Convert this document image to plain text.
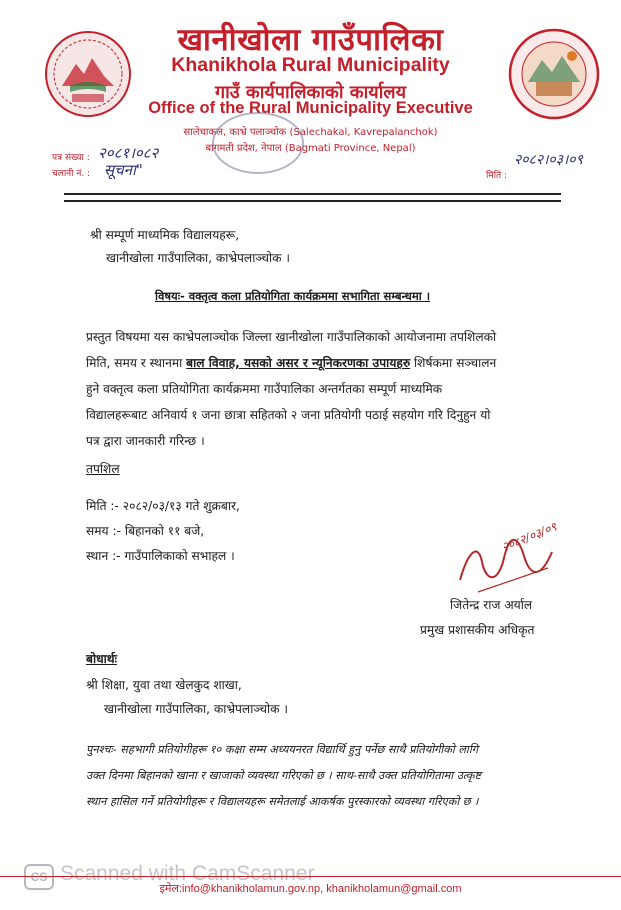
खानीखोला गाउँपालिका
Khanikhola Rural Municipality
गाउँ कार्यपालिकाको कार्यालय
Office of the Rural Municipality Executive
सालेचाकल, काभ्रे पलाञ्चोक (Salechakal, Kavrepalanchok)
बागमती प्रदेश, नेपाल (Bagmati Province, Nepal)
पत्र संख्या : २०८१।०८२
चलानी नं. : सूचना"	मिति :
२०८२।०३।०९
श्री सम्पूर्ण माध्यमिक विद्यालयहरू,
खानीखोला गाउँपालिका, काभ्रेपलाञ्चोक ।
विषयः- वक्तृत्व कला प्रतियोगिता कार्यक्रममा सभागिता सम्बन्धमा ।
प्रस्तुत विषयमा यस काभ्रेपलाञ्चोक जिल्ला खानीखोला गाउँपालिकाको आयोजनामा तपशिलको
मिति, समय र स्थानमा बाल विवाह, यसको असर र न्यूनिकरणका उपायहरु शिर्षकमा सञ्चालन
हुने वक्तृत्व कला प्रतियोगिता कार्यक्रममा गाउँपालिका अन्तर्गतका सम्पूर्ण माध्यमिक
विद्यालहरूबाट अनिवार्य १ जना छात्रा सहितको २ जना प्रतियोगी पठाई सहयोग गरि दिनुहुन यो
पत्र द्वारा जानकारी गरिन्छ ।
तपशिल
मिति :- २०८२/०३/१३ गते शुक्रबार,
समय :- बिहानको ११ बजे,
स्थान :- गाउँपालिकाको सभाहल ।
२०८२/०३/०९
जितेन्द्र राज अर्याल
प्रमुख प्रशासकीय अधिकृत
बोधार्थः
श्री शिक्षा, युवा तथा खेलकुद शाखा,
खानीखोला गाउँपालिका, काभ्रेपलाञ्चोक ।
पुनश्चः- सहभागी प्रतियोगीहरू १० कक्षा सम्म अध्ययनरत विद्यार्थि हुनु पर्नेछ साथै प्रतियोगीको लागि
उक्त दिनमा बिहानको खाना र खाजाको व्यवस्था गरिएको छ । साथ-साथै उक्त प्रतियोगितामा उत्कृष्ट
स्थान हासिल गर्ने प्रतियोगीहरू र विद्यालयहरू समेतलाई आकर्षक पुरस्कारको व्यवस्था गरिएको छ ।
CS Scanned with CamScanner
इमेल:info@khanikholamun.gov.np, khanikholamun@gmail.com
